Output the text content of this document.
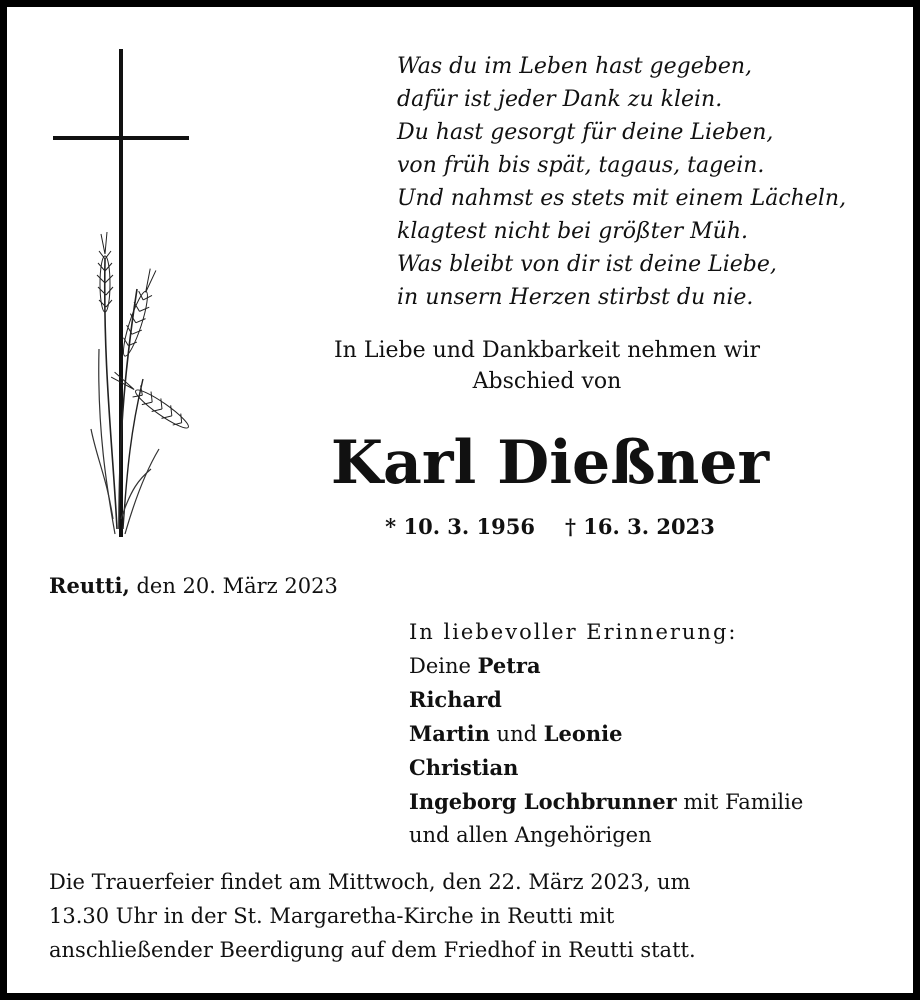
Was du im Leben hast gegeben,
dafür ist jeder Dank zu klein.
Du hast gesorgt für deine Lieben,
von früh bis spät, tagaus, tagein.
Und nahmst es stets mit einem Lächeln,
klagtest nicht bei größter Müh.
Was bleibt von dir ist deine Liebe,
in unsern Herzen stirbst du nie.
In Liebe und Dankbarkeit nehmen wir
Abschied von
Karl Dießner
* 10. 3. 1956 † 16. 3. 2023
Reutti, den 20. März 2023
In liebevoller Erinnerung:
Deine Petra
Richard
Martin und Leonie
Christian
Ingeborg Lochbrunner mit Familie
und allen Angehörigen
Die Trauerfeier findet am Mittwoch, den 22. März 2023, um
13.30 Uhr in der St. Margaretha-Kirche in Reutti mit
anschließender Beerdigung auf dem Friedhof in Reutti statt.
